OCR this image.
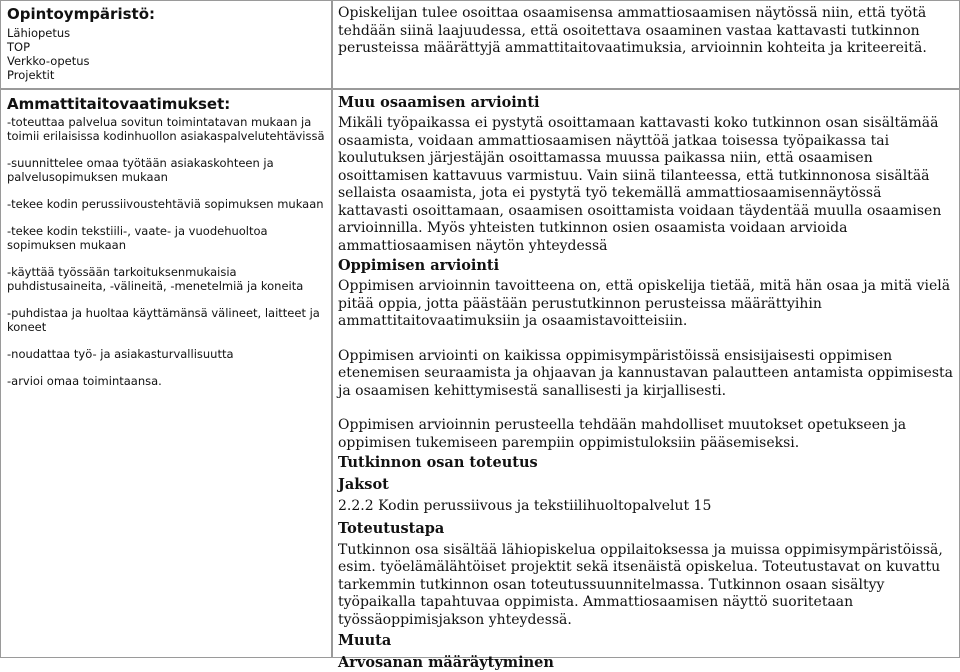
Opintoympäristö:

Lähiopetus

TOP

Verkko-opetus

Projektit

Ammattitaitovaatimukset:

-toteuttaa palvelua sovitun toimintatavan mukaan ja toimii erilaisissa kodinhuollon asiakaspalvelutehtävissä

-suunnittelee omaa työtään asiakaskohteen ja palvelusopimuksen mukaan

-tekee kodin perussiivoustehtäviä sopimuksen mukaan

-tekee kodin tekstiili-, vaate- ja vuodehuoltoa sopimuksen mukaan

-käyttää työssään tarkoituksenmukaisia puhdistusaineita, -välineitä, -menetelmiä ja koneita

-puhdistaa ja huoltaa käyttämänsä välineet, laitteet ja koneet

-noudattaa työ- ja asiakasturvallisuutta

-arvioi omaa toimintaansa.

Opiskelijan tulee osoittaa osaamisensa ammattiosaamisen näytössä niin, että työtä tehdään siinä laajuudessa, että osoitettava osaaminen vastaa kattavasti tutkinnon perusteissa määrättyjä ammattitaitovaatimuksia, arvioinnin kohteita ja kriteereitä.

Muu osaamisen arviointi

Mikäli työpaikassa ei pystytä osoittamaan kattavasti koko tutkinnon osan sisältämää osaamista, voidaan ammattiosaamisen näyttöä jatkaa toisessa työpaikassa tai koulutuksen järjestäjän osoittamassa muussa paikassa niin, että osaamisen osoittamisen kattavuus varmistuu. Vain siinä tilanteessa, että tutkinnonosa sisältää sellaista osaamista, jota ei pystytä työ tekemällä ammattiosaamisennäytössä kattavasti osoittamaan, osaamisen osoittamista voidaan täydentää muulla osaamisen arvioinnilla. Myös yhteisten tutkinnon osien osaamista voidaan arvioida ammattiosaamisen näytön yhteydessä

Oppimisen arviointi

Oppimisen arvioinnin tavoitteena on, että opiskelija tietää, mitä hän osaa ja mitä vielä pitää oppia, jotta päästään perustutkinnon perusteissa määrättyihin ammattitaitovaatimuksiin ja osaamistavoitteisiin.

Oppimisen arviointi on kaikissa oppimisympäristöissä ensisijaisesti oppimisen etenemisen seuraamista ja ohjaavan ja kannustavan palautteen antamista oppimisesta ja osaamisen kehittymisestä sanallisesti ja kirjallisesti.

Oppimisen arvioinnin perusteella tehdään mahdolliset muutokset opetukseen ja oppimisen tukemiseen parempiin oppimistuloksiin pääsemiseksi.

Tutkinnon osan toteutus

Jaksot

2.2.2 Kodin perussiivous ja tekstiilihuoltopalvelut 15

Toteutustapa

Tutkinnon osa sisältää lähiopiskelua oppilaitoksessa ja muissa oppimisympäristöissä, esim. työelämälähtöiset projektit sekä itsenäistä opiskelua. Toteutustavat on kuvattu tarkemmin tutkinnon osan toteutussuunnitelmassa. Tutkinnon osaan sisältyy työpaikalla tapahtuvaa oppimista. Ammattiosaamisen näyttö suoritetaan työssäoppimisjakson yhteydessä.

Muuta

Arvosanan määräytyminen
